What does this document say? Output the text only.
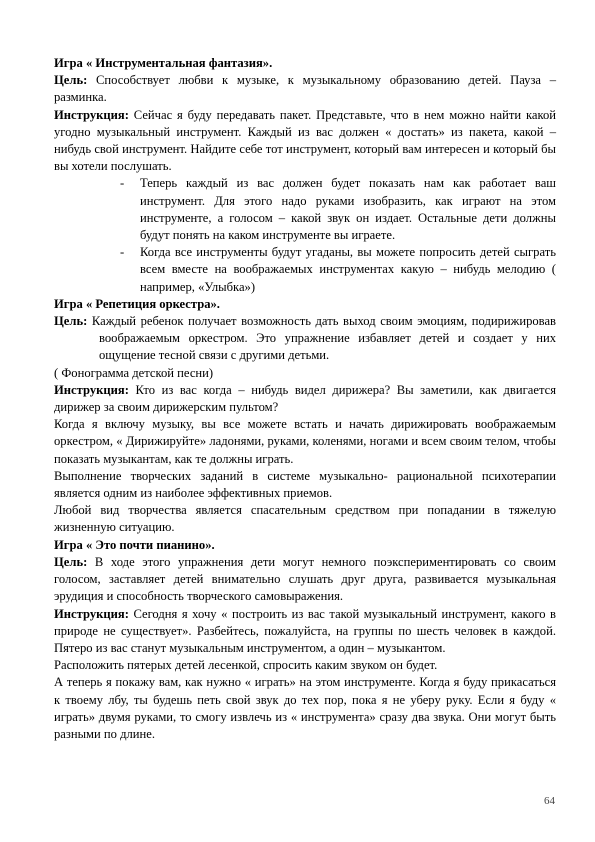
Игра « Инструментальная фантазия».

Цель: Способствует любви к музыке, к музыкальному образованию детей. Пауза – разминка.

Инструкция: Сейчас я буду передавать пакет. Представьте, что в нем можно найти какой угодно музыкальный инструмент. Каждый из вас должен « достать» из пакета, какой – нибудь свой инструмент. Найдите себе тот инструмент, который вам интересен и который бы вы хотели послушать.

- Теперь каждый из вас должен будет показать нам как работает ваш инструмент. Для этого надо руками изобразить, как играют на этом инструменте, а голосом – какой звук он издает. Остальные дети должны будут понять на каком инструменте вы играете.
- Когда все инструменты будут угаданы, вы можете попросить детей сыграть всем вместе на воображаемых инструментах какую – нибудь мелодию ( например, «Улыбка»)

Игра « Репетиция оркестра».

Цель: Каждый ребенок получает возможность дать выход своим эмоциям, подирижировав воображаемым оркестром. Это упражнение избавляет детей и создает у них ощущение тесной связи с другими детьми.

( Фонограмма детской песни)

Инструкция: Кто из вас когда – нибудь видел дирижера? Вы заметили, как двигается дирижер за своим дирижерским пультом?

Когда я включу музыку, вы все можете встать и начать дирижировать воображаемым оркестром, « Дирижируйте» ладонями, руками, коленями, ногами и всем своим телом, чтобы показать музыкантам, как те должны играть.

Выполнение творческих заданий в системе музыкально- рациональной психотерапии является одним из наиболее эффективных приемов.

Любой вид творчества является спасательным средством при попадании в тяжелую жизненную ситуацию.

Игра « Это почти пианино».

Цель: В ходе этого упражнения дети могут немного поэкспериментировать со своим голосом, заставляет детей внимательно слушать друг друга, развивается музыкальная эрудиция и способность творческого самовыражения.

Инструкция: Сегодня я хочу « построить из вас такой музыкальный инструмент, какого в природе не существует». Разбейтесь, пожалуйста, на группы по шесть человек в каждой. Пятеро из вас станут музыкальным инструментом, а один – музыкантом.

Расположить пятерых детей лесенкой, спросить каким звуком он будет.

А теперь я покажу вам, как нужно « играть» на этом инструменте. Когда я буду прикасаться к твоему лбу, ты будешь петь свой звук до тех пор, пока я не уберу руку. Если я буду « играть» двумя руками, то смогу извлечь из « инструмента» сразу два звука. Они могут быть разными по длине.

64
